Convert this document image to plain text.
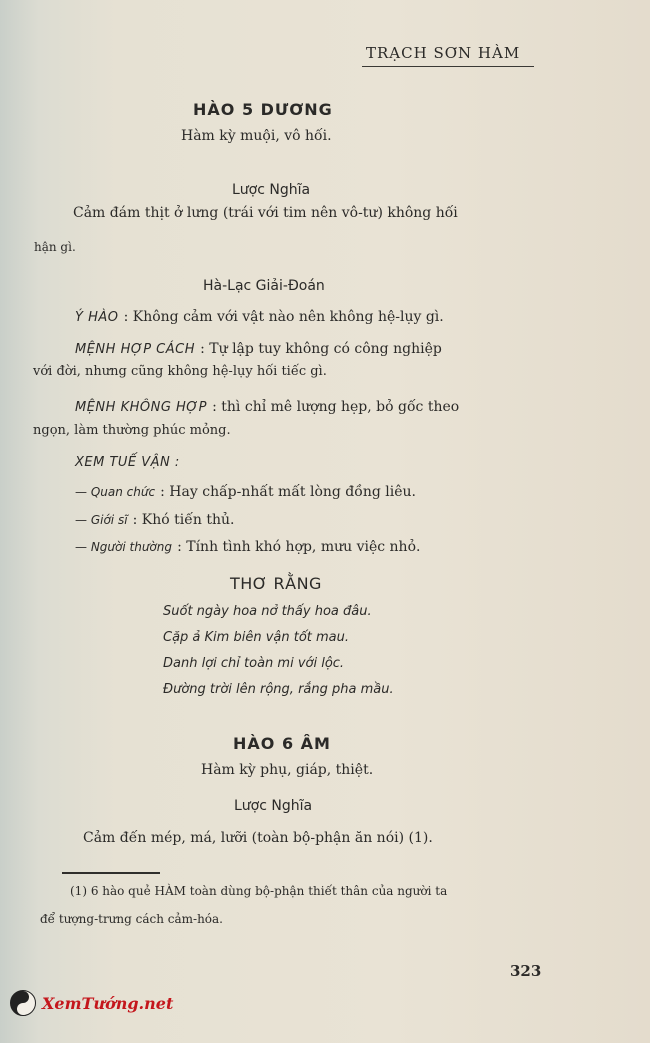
TRẠCH SƠN HÀM
HÀO 5 DƯƠNG
Hàm kỳ muội, vô hối.
Lược Nghĩa
Cảm đám thịt ở lưng (trái với tim nên vô-tư) không hối
hận gì.
Hà-Lạc Giải-Đoán
Ý HÀO : Không cảm với vật nào nên không hệ-lụy gì.
MỆNH HỢP CÁCH : Tự lập tuy không có công nghiệp
với đời, nhưng cũng không hệ-lụy hối tiếc gì.
MỆNH KHÔNG HỢP : thì chỉ mê lượng hẹp, bỏ gốc theo
ngọn, làm thường phúc mỏng.
XEM TUẾ VẬN :
— Quan chức : Hay chấp-nhất mất lòng đồng liêu.
— Giới sĩ : Khó tiến thủ.
— Người thường : Tính tình khó hợp, mưu việc nhỏ.
THƠ RẰNG
Suốt ngày hoa nở thấy hoa đâu.
Cặp ả Kim biên vận tốt mau.
Danh lợi chỉ toàn mi với lộc.
Đường trời lên rộng, rắng pha mầu.
HÀO 6 ÂM
Hàm kỳ phụ, giáp, thiệt.
Lược Nghĩa
Cảm đến mép, má, lưỡi (toàn bộ-phận ăn nói) (1).
(1) 6 hào quẻ HÀM toàn dùng bộ-phận thiết thân của người ta
để tượng-trưng cách cảm-hóa.
323
XemTướng.net
